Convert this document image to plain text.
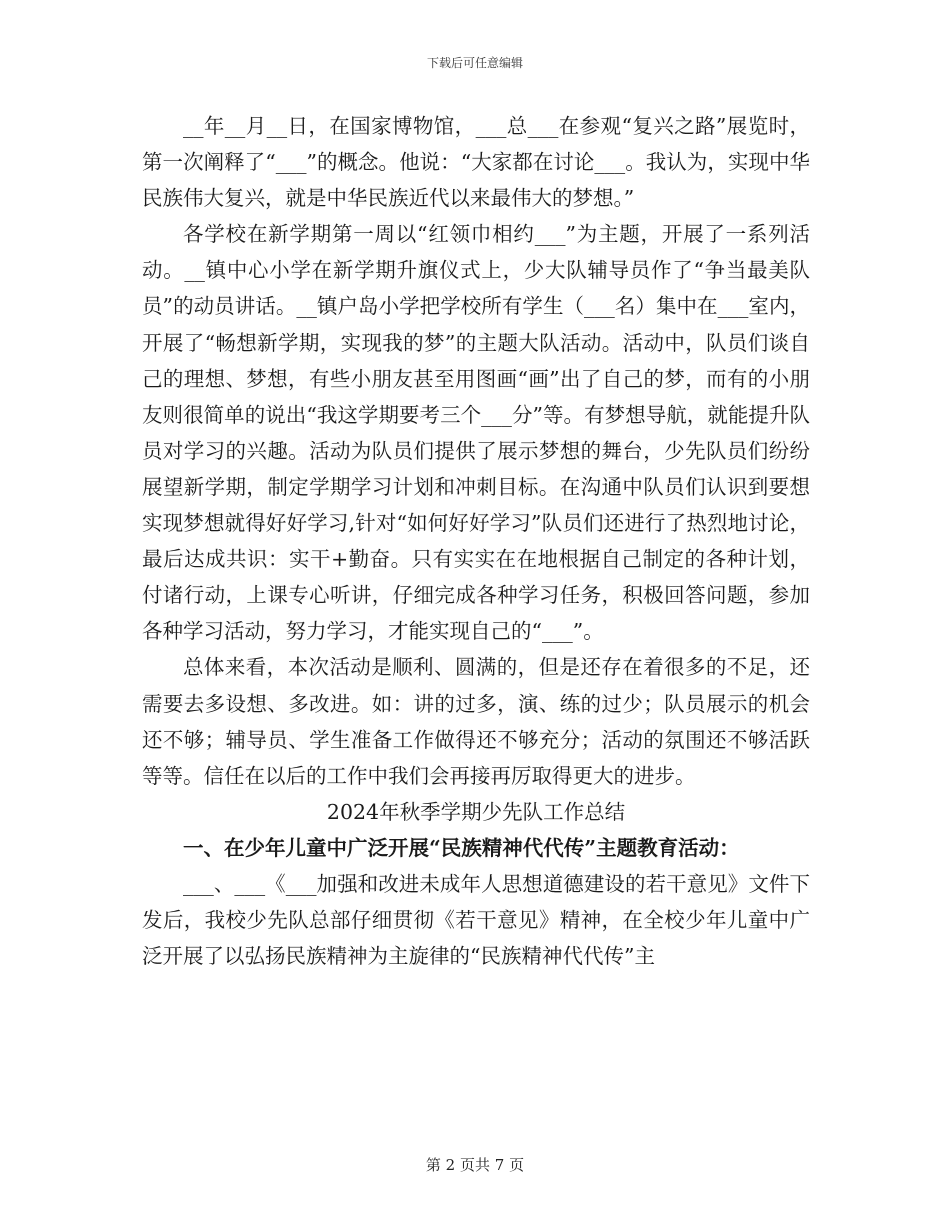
下载后可任意编辑

__年__月__日，在国家博物馆，___总___在参观“复兴之路”展览时，第一次阐释了“___”的概念。他说：“大家都在讨论___。我认为，实现中华民族伟大复兴，就是中华民族近代以来最伟大的梦想。”

各学校在新学期第一周以“红领巾相约___”为主题，开展了一系列活动。__镇中心小学在新学期升旗仪式上，少大队辅导员作了“争当最美队员”的动员讲话。__镇户岛小学把学校所有学生（___名）集中在___室内，开展了“畅想新学期，实现我的梦”的主题大队活动。活动中，队员们谈自己的理想、梦想，有些小朋友甚至用图画“画”出了自己的梦，而有的小朋友则很简单的说出“我这学期要考三个___分”等。有梦想导航，就能提升队员对学习的兴趣。活动为队员们提供了展示梦想的舞台，少先队员们纷纷展望新学期，制定学期学习计划和冲刺目标。在沟通中队员们认识到要想实现梦想就得好好学习,针对“如何好好学习”队员们还进行了热烈地讨论，最后达成共识：实干+勤奋。只有实实在在地根据自己制定的各种计划，付诸行动，上课专心听讲，仔细完成各种学习任务，积极回答问题，参加各种学习活动，努力学习，才能实现自己的“___”。

总体来看，本次活动是顺利、圆满的，但是还存在着很多的不足，还需要去多设想、多改进。如：讲的过多，演、练的过少；队员展示的机会还不够；辅导员、学生准备工作做得还不够充分；活动的氛围还不够活跃等等。信任在以后的工作中我们会再接再厉取得更大的进步。

2024年秋季学期少先队工作总结

一、在少年儿童中广泛开展“民族精神代代传”主题教育活动：

___、___《___加强和改进未成年人思想道德建设的若干意见》文件下发后，我校少先队总部仔细贯彻《若干意见》精神，在全校少年儿童中广泛开展了以弘扬民族精神为主旋律的“民族精神代代传”主

第 2 页共 7 页
